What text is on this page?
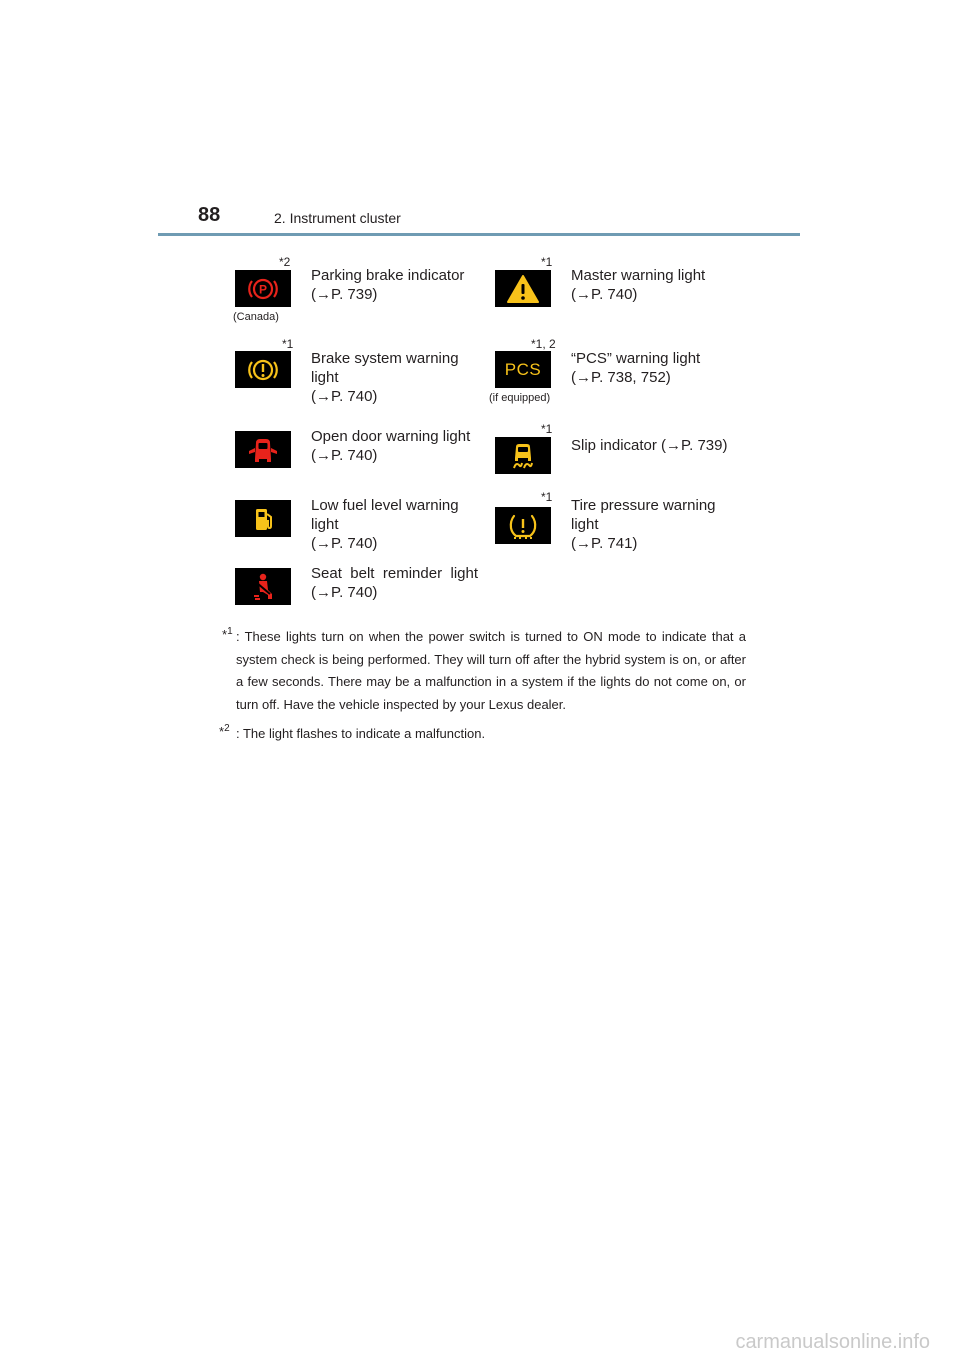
88	2. Instrument cluster
*2
P
(Canada)
Parking brake indicator
(→P. 739)
*1
Master warning light
(→P. 740)
*1
Brake system warning light
(→P. 740)
*1, 2
PCS
(if equipped)
“PCS” warning light
(→P. 738, 752)
Open door warning light
(→P. 740)
*1
Slip indicator (→P. 739)
Low fuel level warning light
(→P. 740)
*1 Tire pressure warning light
(→P. 741)
Seat belt reminder light
(→P. 740)
*$^1$ : These lights turn on when the power switch is turned to ON mode to indicate that a system check is being performed. They will turn off after the hybrid system is on, or after a few seconds. There may be a malfunction in a system if the lights do not come on, or turn off. Have the vehicle inspected by your Lexus dealer.
*$^2$ : The light flashes to indicate a malfunction.
carmanualsonline.info
